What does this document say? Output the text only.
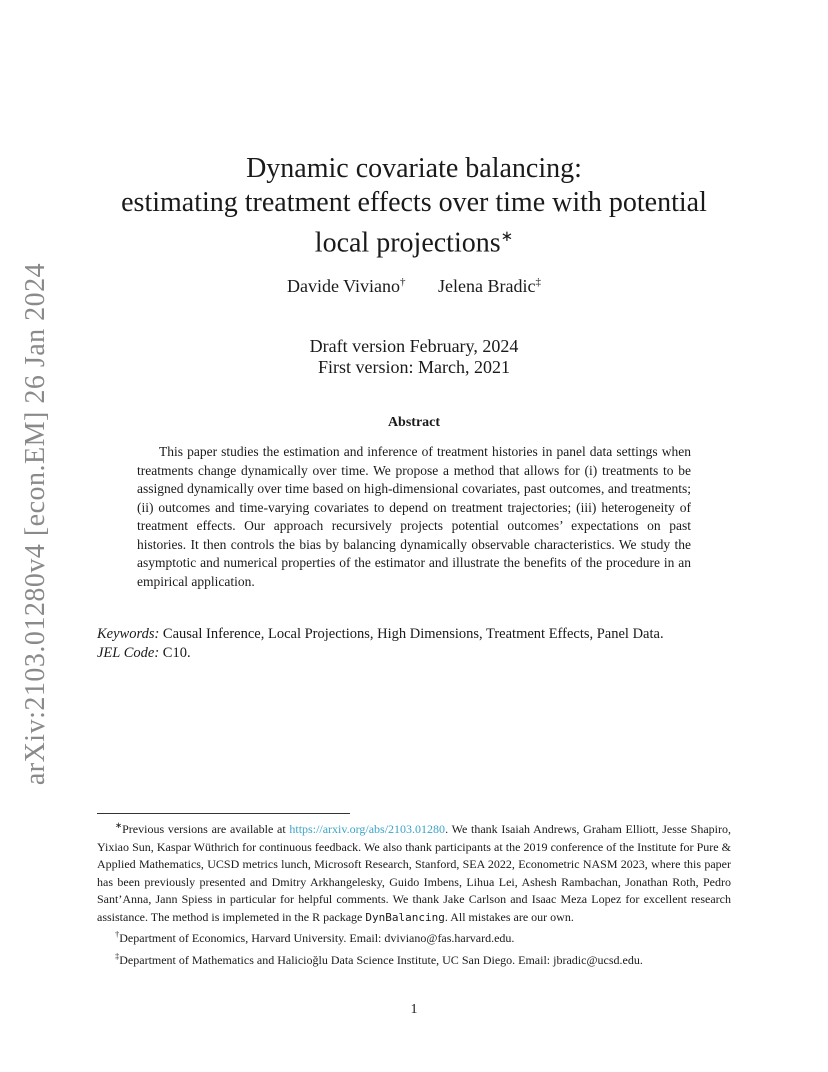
arXiv:2103.01280v4 [econ.EM] 26 Jan 2024
Dynamic covariate balancing:
estimating treatment effects over time with potential
local projections∗
Davide Viviano† Jelena Bradic‡
Draft version February, 2024
First version: March, 2021
Abstract
This paper studies the estimation and inference of treatment histories in panel data settings when treatments change dynamically over time. We propose a method that allows for (i) treatments to be assigned dynamically over time based on high-dimensional covariates, past outcomes, and treatments; (ii) outcomes and time-varying covariates to depend on treatment trajectories; (iii) heterogeneity of treatment effects. Our approach recursively projects potential outcomes’ expectations on past histories. It then controls the bias by balancing dynamically observable characteristics. We study the asymptotic and numerical properties of the estimator and illustrate the benefits of the procedure in an empirical application.
Keywords: Causal Inference, Local Projections, High Dimensions, Treatment Effects, Panel Data.
JEL Code: C10.

∗Previous versions are available at https://arxiv.org/abs/2103.01280. We thank Isaiah Andrews, Graham Elliott, Jesse Shapiro, Yixiao Sun, Kaspar Wüthrich for continuous feedback. We also thank participants at the 2019 conference of the Institute for Pure & Applied Mathematics, UCSD metrics lunch, Microsoft Research, Stanford, SEA 2022, Econometric NASM 2023, where this paper has been previously presented and Dmitry Arkhangelesky, Guido Imbens, Lihua Lei, Ashesh Rambachan, Jonathan Roth, Pedro Sant’Anna, Jann Spiess in particular for helpful comments. We thank Jake Carlson and Isaac Meza Lopez for excellent research assistance. The method is implemeted in the R package DynBalancing. All mistakes are our own.

†Department of Economics, Harvard University. Email: dviviano@fas.harvard.edu.

‡Department of Mathematics and Halicioğlu Data Science Institute, UC San Diego. Email: jbradic@ucsd.edu.

1
